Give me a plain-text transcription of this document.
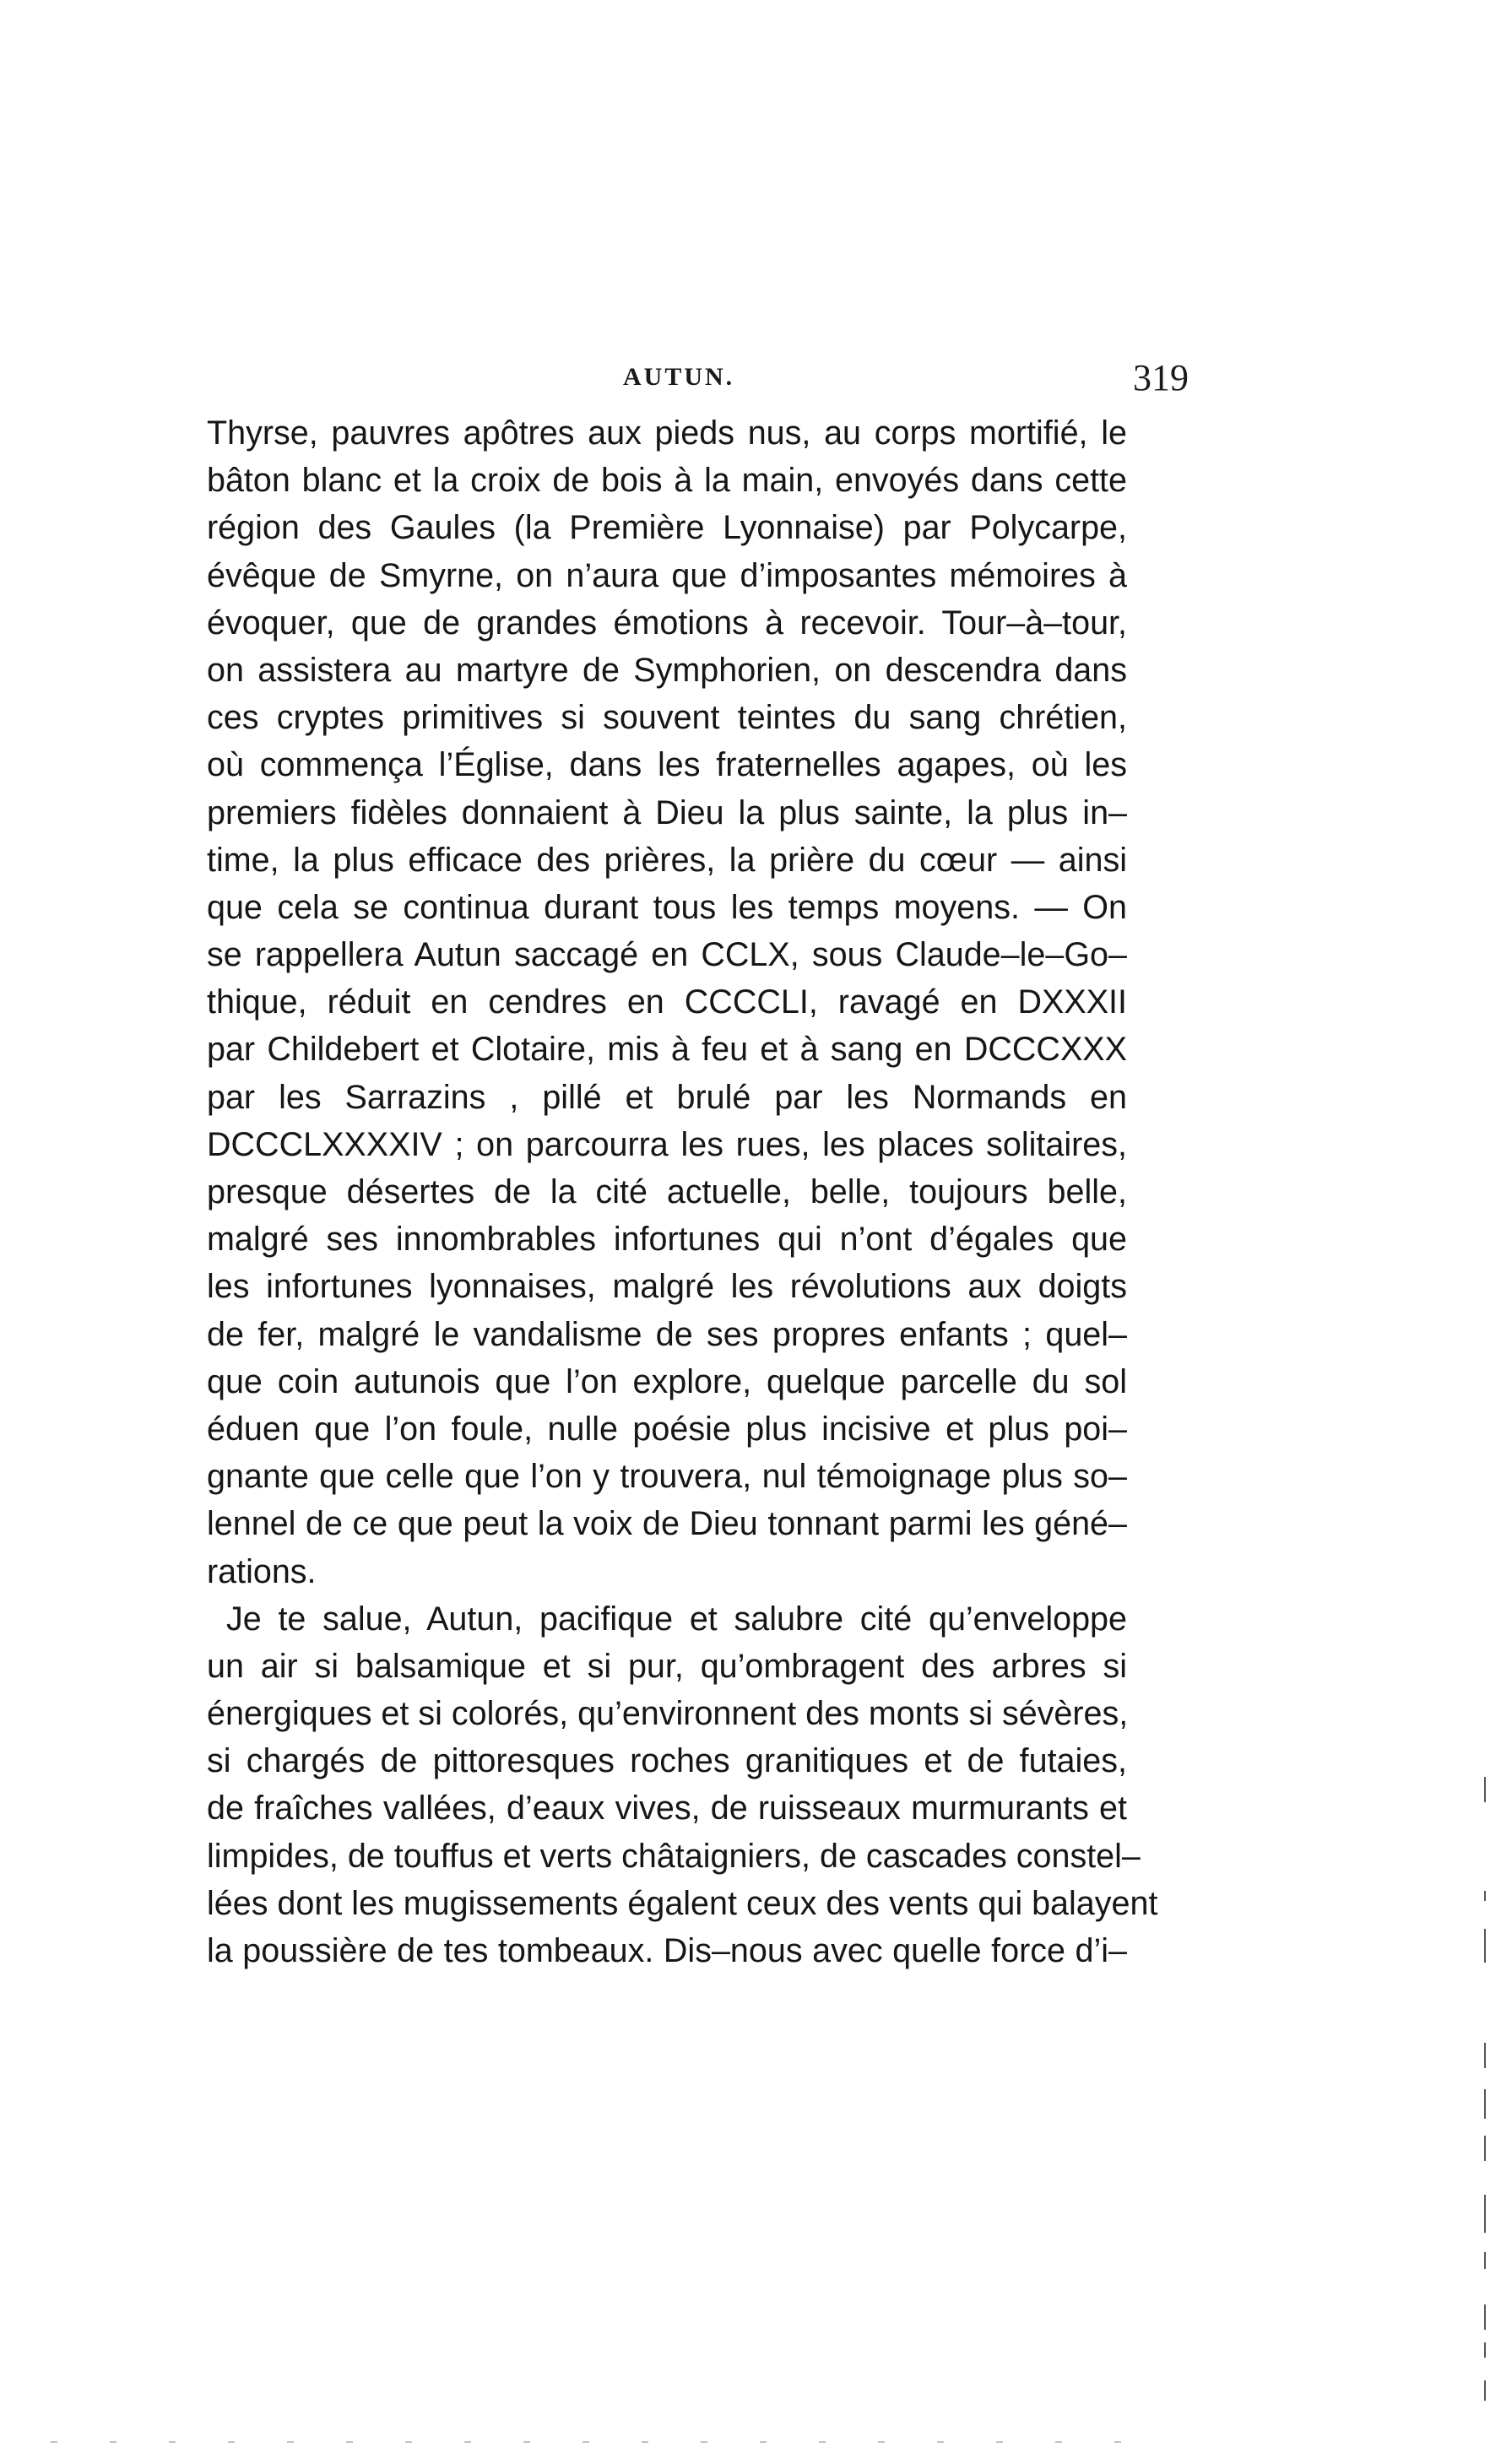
AUTUN.	319
Thyrse, pauvres apôtres aux pieds nus, au corps mortifié, le
bâton blanc et la croix de bois à la main, envoyés dans cette
région des Gaules (la Première Lyonnaise) par Polycarpe,
évêque de Smyrne, on n’aura que d’imposantes mémoires à
évoquer, que de grandes émotions à recevoir. Tour–à–tour,
on assistera au martyre de Symphorien, on descendra dans
ces cryptes primitives si souvent teintes du sang chrétien,
où commença l’Église, dans les fraternelles agapes, où les
premiers fidèles donnaient à Dieu la plus sainte, la plus in–
time, la plus efficace des prières, la prière du cœur — ainsi
que cela se continua durant tous les temps moyens. — On
se rappellera Autun saccagé en CCLX, sous Claude–le–Go–
thique, réduit en cendres en CCCCLI, ravagé en DXXXII
par Childebert et Clotaire, mis à feu et à sang en DCCCXXX
par les Sarrazins , pillé et brulé par les Normands en
DCCCLXXXXIV ; on parcourra les rues, les places solitaires,
presque désertes de la cité actuelle, belle, toujours belle,
malgré ses innombrables infortunes qui n’ont d’égales que
les infortunes lyonnaises, malgré les révolutions aux doigts
de fer, malgré le vandalisme de ses propres enfants ; quel–
que coin autunois que l’on explore, quelque parcelle du sol
éduen que l’on foule, nulle poésie plus incisive et plus poi–
gnante que celle que l’on y trouvera, nul témoignage plus so–
lennel de ce que peut la voix de Dieu tonnant parmi les géné–
rations.
Je te salue, Autun, pacifique et salubre cité qu’enveloppe
un air si balsamique et si pur, qu’ombragent des arbres si
énergiques et si colorés, qu’environnent des monts si sévères,
si chargés de pittoresques roches granitiques et de futaies,
de fraîches vallées, d’eaux vives, de ruisseaux murmurants et
limpides, de touffus et verts châtaigniers, de cascades constel–
lées dont les mugissements égalent ceux des vents qui balayent
la poussière de tes tombeaux. Dis–nous avec quelle force d’i–
